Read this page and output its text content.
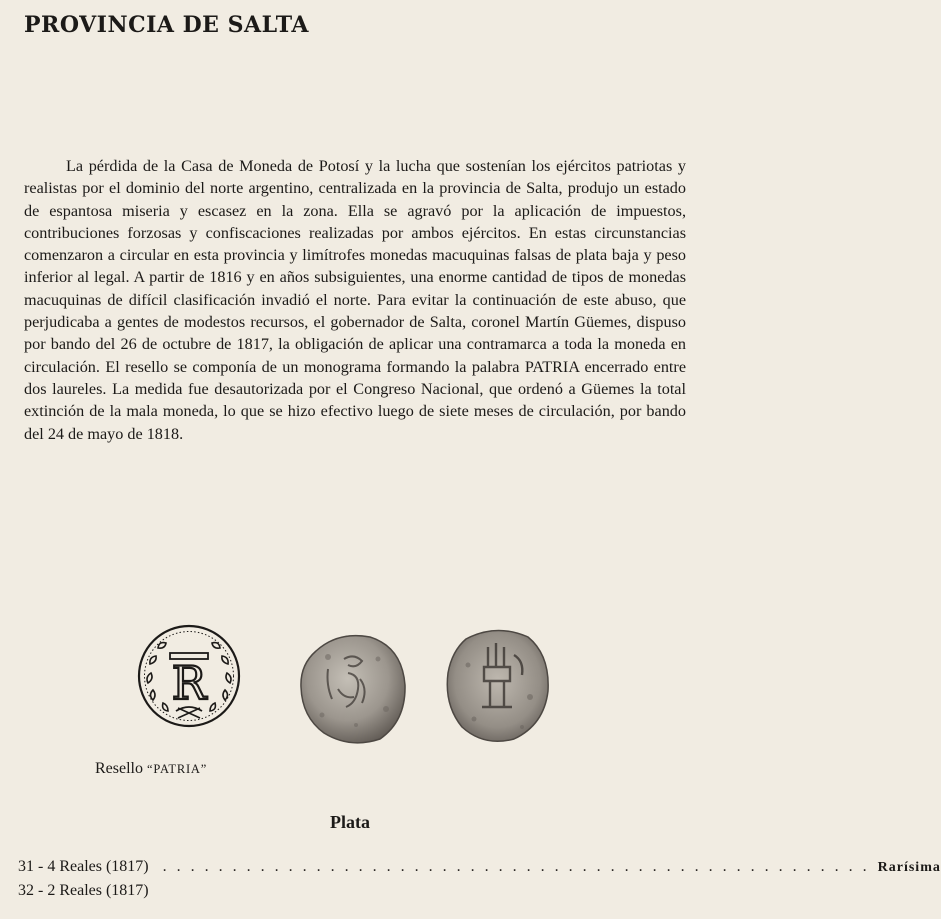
PROVINCIA DE SALTA

La pérdida de la Casa de Moneda de Potosí y la lucha que sostenían los ejércitos patriotas y realistas por el dominio del norte argentino, centralizada en la provincia de Salta, produjo un estado de espantosa miseria y escasez en la zona. Ella se agravó por la aplicación de impuestos, contribuciones forzosas y confiscaciones realizadas por ambos ejércitos. En estas circunstancias comenzaron a circular en esta provincia y limítrofes monedas macuquinas falsas de plata baja y peso inferior al legal. A partir de 1816 y en años subsiguientes, una enorme cantidad de tipos de monedas macuquinas de difícil clasificación invadió el norte. Para evitar la continuación de este abuso, que perjudicaba a gentes de modestos recursos, el gobernador de Salta, coronel Martín Güemes, dispuso por bando del 26 de octubre de 1817, la obligación de aplicar una contramarca a toda la moneda en circulación. El resello se componía de un monograma formando la palabra PATRIA encerrado entre dos laureles. La medida fue desautorizada por el Congreso Nacional, que ordenó a Güemes la total extinción de la mala moneda, lo que se hizo efectivo luego de siete meses de circulación, por bando del 24 de mayo de 1818.

R
Resello “PATRIA”
Plata
31 - 4 Reales (1817) . . . . . . . . . . . . . . . . . . . . . . . . . . . . . . . . . . . . . . . . . . . . . . . . . . . Rarísima
32 - 2 Reales (1817)
